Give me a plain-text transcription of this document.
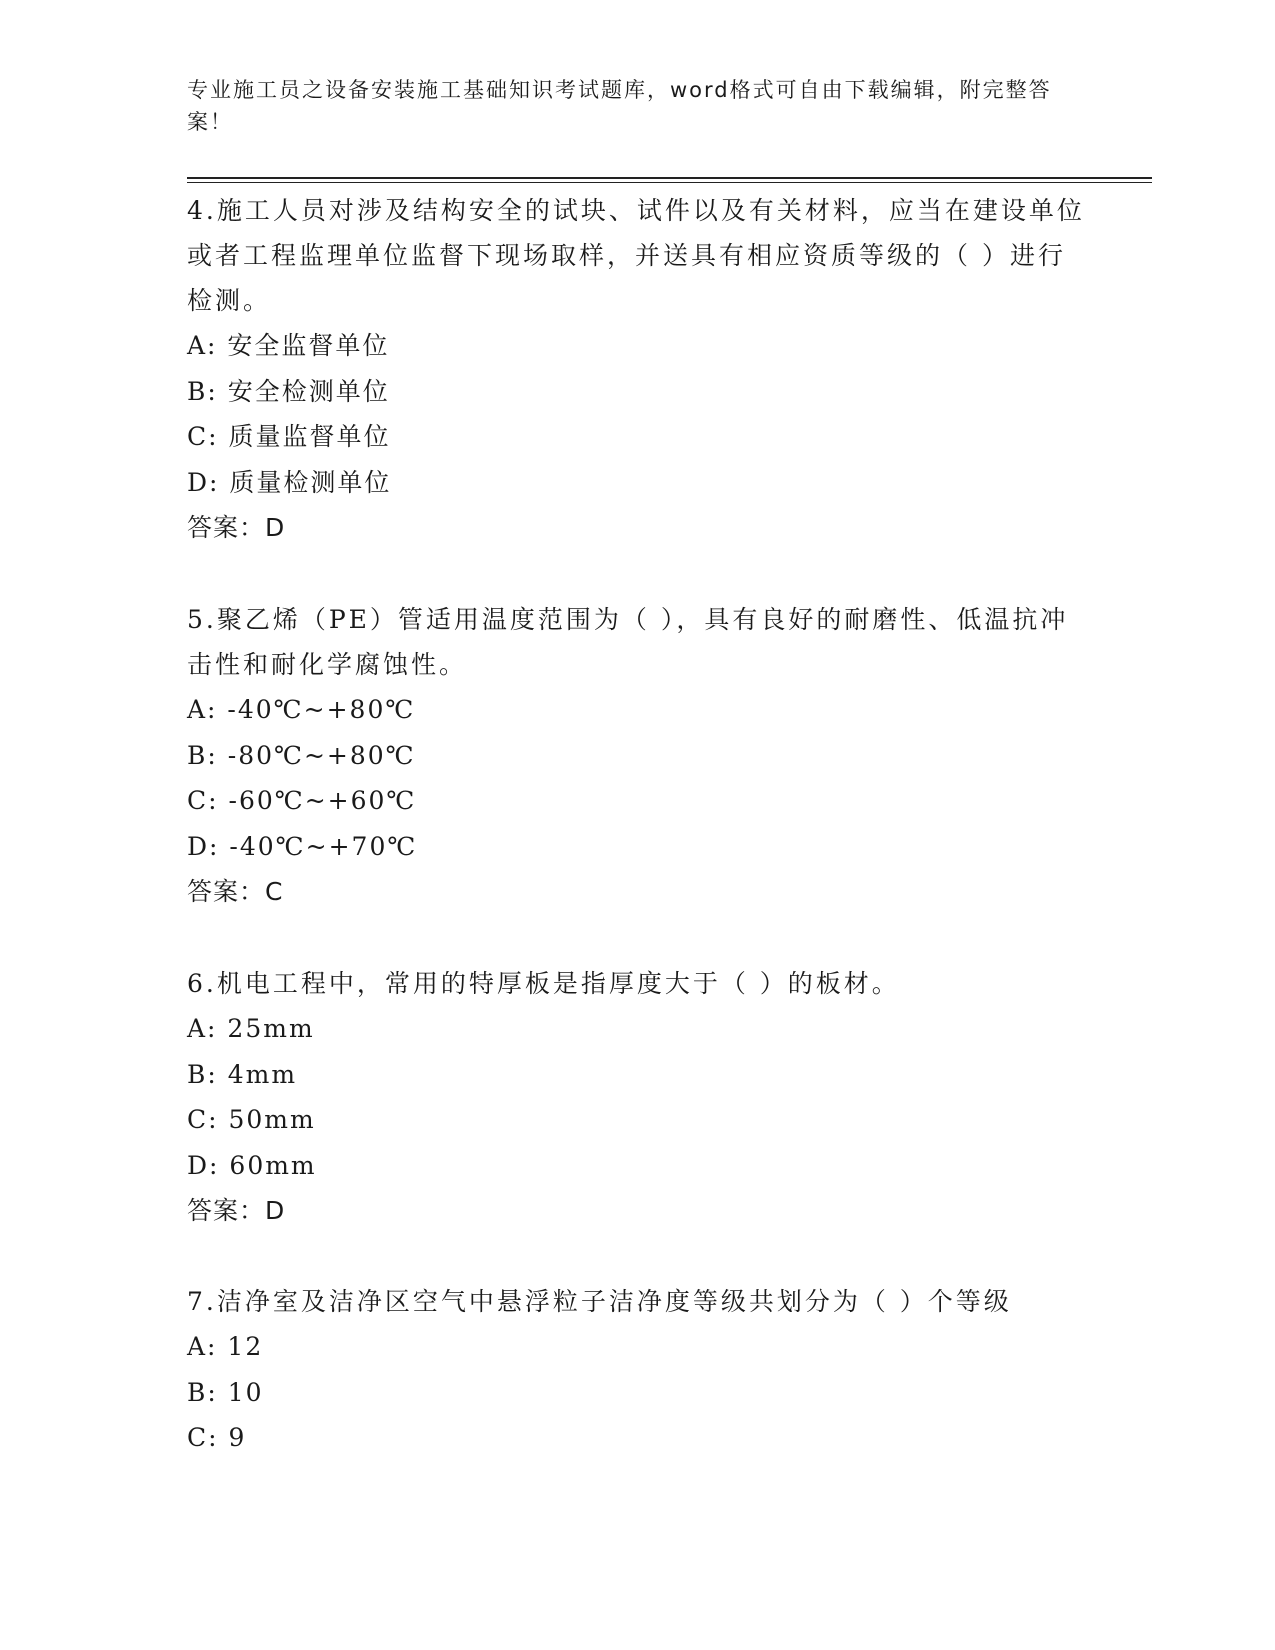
专业施工员之设备安装施工基础知识考试题库，word格式可自由下载编辑，附完整答案！

4.施工人员对涉及结构安全的试块、试件以及有关材料，应当在建设单位或者工程监理单位监督下现场取样，并送具有相应资质等级的（ ）进行检测。

A: 安全监督单位

B: 安全检测单位

C: 质量监督单位

D: 质量检测单位

答案：D

5.聚乙烯（PE）管适用温度范围为（ ），具有良好的耐磨性、低温抗冲击性和耐化学腐蚀性。

A: -40℃~+80℃

B: -80℃~+80℃

C: -60℃~+60℃

D: -40℃~+70℃

答案：C

6.机电工程中，常用的特厚板是指厚度大于（ ）的板材。

A: 25mm

B: 4mm

C: 50mm

D: 60mm

答案：D

7.洁净室及洁净区空气中悬浮粒子洁净度等级共划分为（ ）个等级

A: 12

B: 10

C: 9
